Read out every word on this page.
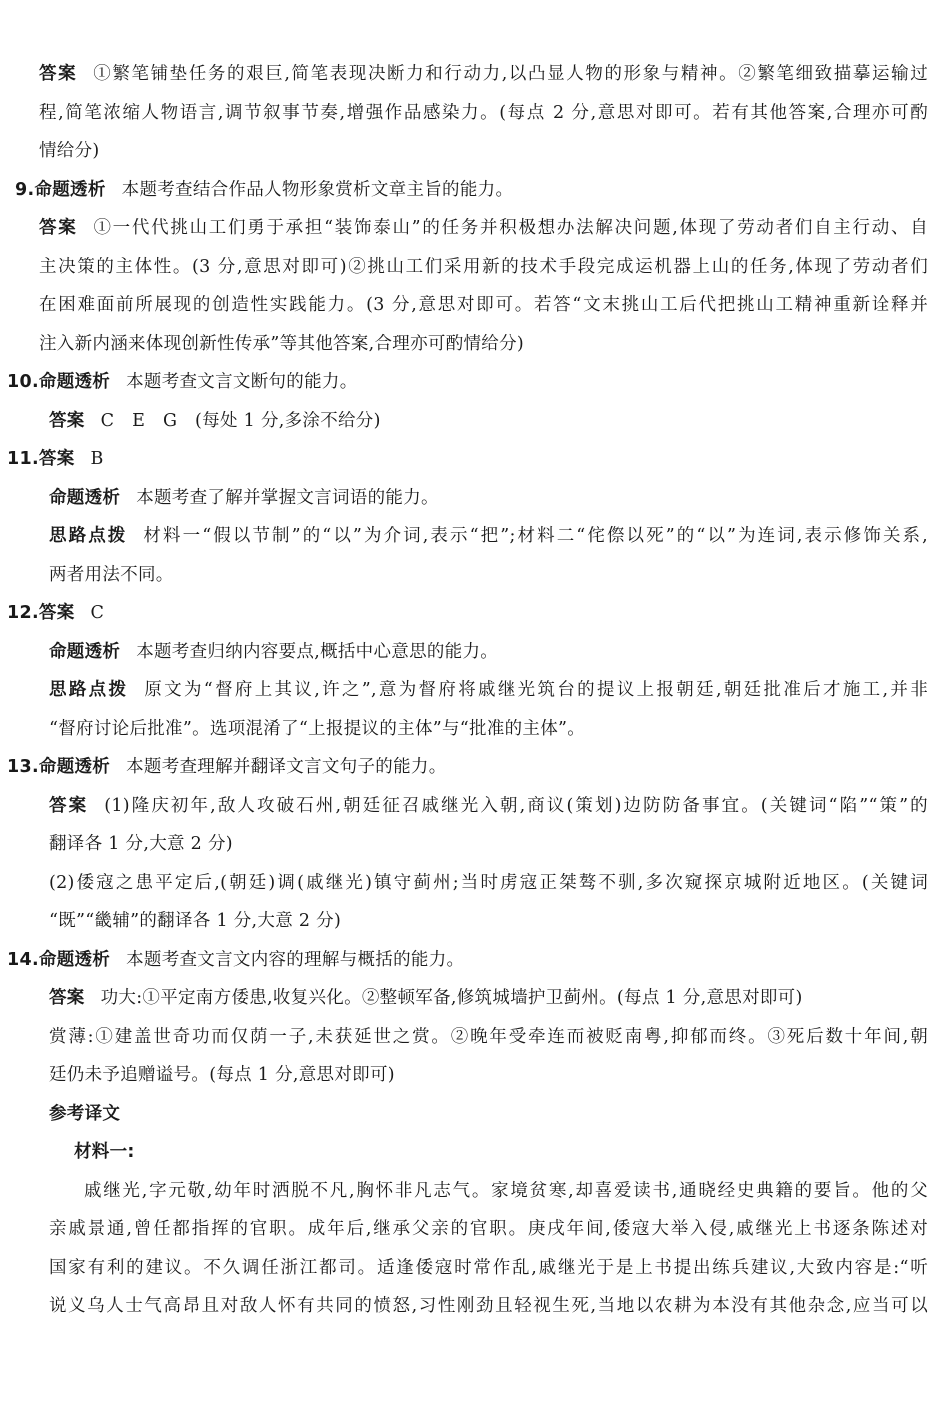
答案 ①繁笔铺垫任务的艰巨,简笔表现决断力和行动力,以凸显人物的形象与精神。②繁笔细致描摹运输过
程,简笔浓缩人物语言,调节叙事节奏,增强作品感染力。(每点 2 分,意思对即可。若有其他答案,合理亦可酌
情给分)
9.命题透析 本题考查结合作品人物形象赏析文章主旨的能力。
答案 ①一代代挑山工们勇于承担“装饰泰山”的任务并积极想办法解决问题,体现了劳动者们自主行动、自
主决策的主体性。(3 分,意思对即可)②挑山工们采用新的技术手段完成运机器上山的任务,体现了劳动者们
在困难面前所展现的创造性实践能力。(3 分,意思对即可。若答“文末挑山工后代把挑山工精神重新诠释并
注入新内涵来体现创新性传承”等其他答案,合理亦可酌情给分)
10.命题透析 本题考查文言文断句的能力。
答案 C　E　G　(每处 1 分,多涂不给分)
11.答案 B
命题透析 本题考查了解并掌握文言词语的能力。
思路点拨 材料一“假以节制”的“以”为介词,表示“把”;材料二“侘傺以死”的“以”为连词,表示修饰关系,
两者用法不同。
12.答案 C
命题透析 本题考查归纳内容要点,概括中心意思的能力。
思路点拨 原文为“督府上其议,许之”,意为督府将戚继光筑台的提议上报朝廷,朝廷批准后才施工,并非
“督府讨论后批准”。选项混淆了“上报提议的主体”与“批准的主体”。
13.命题透析 本题考查理解并翻译文言文句子的能力。
答案 (1)隆庆初年,敌人攻破石州,朝廷征召戚继光入朝,商议(策划)边防防备事宜。(关键词“陷”“策”的
翻译各 1 分,大意 2 分)
(2)倭寇之患平定后,(朝廷)调(戚继光)镇守蓟州;当时虏寇正桀骜不驯,多次窥探京城附近地区。(关键词
“既”“畿辅”的翻译各 1 分,大意 2 分)
14.命题透析 本题考查文言文内容的理解与概括的能力。
答案 功大:①平定南方倭患,收复兴化。②整顿军备,修筑城墙护卫蓟州。(每点 1 分,意思对即可)
赏薄:①建盖世奇功而仅荫一子,未获延世之赏。②晚年受牵连而被贬南粤,抑郁而终。③死后数十年间,朝
廷仍未予追赠谥号。(每点 1 分,意思对即可)
参考译文
材料一:
戚继光,字元敬,幼年时洒脱不凡,胸怀非凡志气。家境贫寒,却喜爱读书,通晓经史典籍的要旨。他的父
亲戚景通,曾任都指挥的官职。成年后,继承父亲的官职。庚戌年间,倭寇大举入侵,戚继光上书逐条陈述对
国家有利的建议。不久调任浙江都司。适逢倭寇时常作乱,戚继光于是上书提出练兵建议,大致内容是:“听
说义乌人士气高昂且对敌人怀有共同的愤怒,习性刚劲且轻视生死,当地以农耕为本没有其他杂念,应当可以
